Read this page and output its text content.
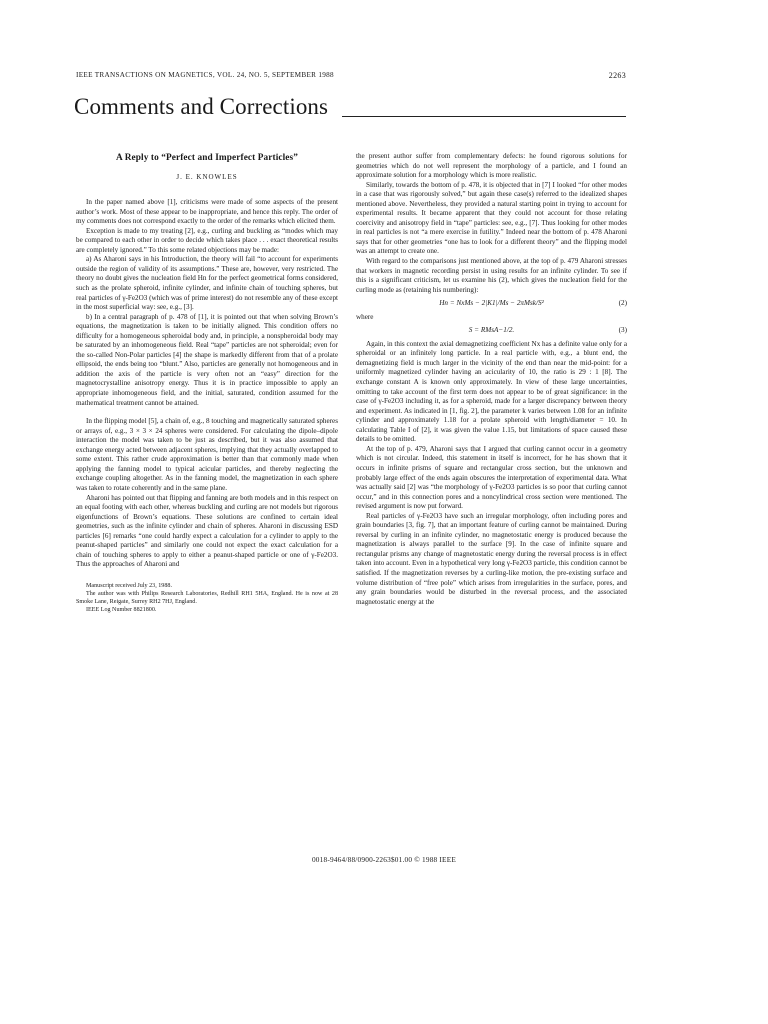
IEEE TRANSACTIONS ON MAGNETICS, VOL. 24, NO. 5, SEPTEMBER 1988	2263
Comments and Corrections
A Reply to “Perfect and Imperfect Particles”
J. E. KNOWLES

In the paper named above [1], criticisms were made of some aspects of the present author’s work. Most of these appear to be inappropriate, and hence this reply. The order of my comments does not correspond exactly to the order of the remarks which elicited them.

Exception is made to my treating [2], e.g., curling and buckling as “modes which may be compared to each other in order to decide which takes place . . . exact theoretical results are completely ignored.” To this some related objections may be made:

a) As Aharoni says in his Introduction, the theory will fail “to account for experiments outside the region of validity of its assumptions.” These are, however, very restricted. The theory no doubt gives the nucleation field Hn for the perfect geometrical forms considered, such as the prolate spheroid, infinite cylinder, and infinite chain of touching spheres, but real particles of γ-Fe2O3 (which was of prime interest) do not resemble any of these except in the most superficial way: see, e.g., [3].

b) In a central paragraph of p. 478 of [1], it is pointed out that when solving Brown’s equations, the magnetization is taken to be initially aligned. This condition offers no difficulty for a homogeneous spheroidal body and, in principle, a nonspheroidal body may be saturated by an inhomogeneous field. Real “tape” particles are not spheroidal; even for the so-called Non-Polar particles [4] the shape is markedly different from that of a prolate ellipsoid, the ends being too “blunt.” Also, particles are generally not homogeneous and in addition the axis of the particle is very often not an “easy” direction for the magnetocrystalline anisotropy energy. Thus it is in practice impossible to apply an appropriate inhomogeneous field, and the initial, saturated, condition assumed for the mathematical treatment cannot be attained.

In the flipping model [5], a chain of, e.g., 8 touching and magnetically saturated spheres or arrays of, e.g., 3 × 3 × 24 spheres were considered. For calculating the dipole–dipole interaction the model was taken to be just as described, but it was also assumed that exchange energy acted between adjacent spheres, implying that they actually overlapped to some extent. This rather crude approximation is better than that commonly made when applying the fanning model to typical acicular particles, and thereby neglecting the exchange coupling altogether. As in the fanning model, the magnetization in each sphere was taken to rotate coherently and in the same plane.

Aharoni has pointed out that flipping and fanning are both models and in this respect on an equal footing with each other, whereas buckling and curling are not models but rigorous eigenfunctions of Brown’s equations. These solutions are confined to certain ideal geometries, such as the infinite cylinder and chain of spheres. Aharoni in discussing ESD particles [6] remarks “one could hardly expect a calculation for a cylinder to apply to the peanut-shaped particles” and similarly one could not expect the exact calculation for a chain of touching spheres to apply to either a peanut-shaped particle or one of γ-Fe2O3. Thus the approaches of Aharoni and

Manuscript received July 23, 1988.

The author was with Philips Research Laboratories, Redhill RH1 5HA, England. He is now at 28 Smoke Lane, Reigate, Surrey RH2 7HJ, England.

IEEE Log Number 8821800.

the present author suffer from complementary defects: he found rigorous solutions for geometries which do not well represent the morphology of a particle, and I found an approximate solution for a morphology which is more realistic.

Similarly, towards the bottom of p. 478, it is objected that in [7] I looked “for other modes in a case that was rigorously solved,” but again these case(s) referred to the idealized shapes mentioned above. Nevertheless, they provided a natural starting point in trying to account for experimental results. It became apparent that they could not account for those relating coercivity and anisotropy field in “tape” particles: see, e.g., [7]. Thus looking for other modes in real particles is not “a mere exercise in futility.” Indeed near the bottom of p. 478 Aharoni says that for other geometries “one has to look for a different theory” and the flipping model was an attempt to create one.

With regard to the comparisons just mentioned above, at the top of p. 479 Aharoni stresses that workers in magnetic recording persist in using results for an infinite cylinder. To see if this is a significant criticism, let us examine his (2), which gives the nucleation field for the curling mode as (retaining his numbering):

Hn = NxMs − 2|K1|/Ms − 2πMsk/S²	(2)

where

S = RMsA−1/2.	(3)

Again, in this context the axial demagnetizing coefficient Nx has a definite value only for a spheroidal or an infinitely long particle. In a real particle with, e.g., a blunt end, the demagnetizing field is much larger in the vicinity of the end than near the mid-point: for a uniformly magnetized cylinder having an acicularity of 10, the ratio is 29 : 1 [8]. The exchange constant A is known only approximately. In view of these large uncertainties, omitting to take account of the first term does not appear to be of great significance: in the case of γ-Fe2O3 including it, as for a spheroid, made for a larger discrepancy between theory and experiment. As indicated in [1, fig. 2], the parameter k varies between 1.08 for an infinite cylinder and approximately 1.18 for a prolate spheroid with length/diameter = 10. In calculating Table I of [2], it was given the value 1.15, but limitations of space caused these details to be omitted.

At the top of p. 479, Aharoni says that I argued that curling cannot occur in a geometry which is not circular. Indeed, this statement in itself is incorrect, for he has shown that it occurs in infinite prisms of square and rectangular cross section, but the unknown and probably large effect of the ends again obscures the interpretation of experimental data. What was actually said [2] was “the morphology of γ-Fe2O3 particles is so poor that curling cannot occur,” and in this connection pores and a noncylindrical cross section were mentioned. The revised argument is now put forward.

Real particles of γ-Fe2O3 have such an irregular morphology, often including pores and grain boundaries [3, fig. 7], that an important feature of curling cannot be maintained. During reversal by curling in an infinite cylinder, no magnetostatic energy is produced because the magnetization is always parallel to the surface [9]. In the case of infinite square and rectangular prisms any change of magnetostatic energy during the reversal process is in effect taken into account. Even in a hypothetical very long γ-Fe2O3 particle, this condition cannot be satisfied. If the magnetization reverses by a curling-like motion, the pre-existing surface and volume distribution of “free pole” which arises from irregularities in the surface, pores, and any grain boundaries would be disturbed in the reversal process, and the associated magnetostatic energy at the

0018-9464/88/0900-2263$01.00 © 1988 IEEE
